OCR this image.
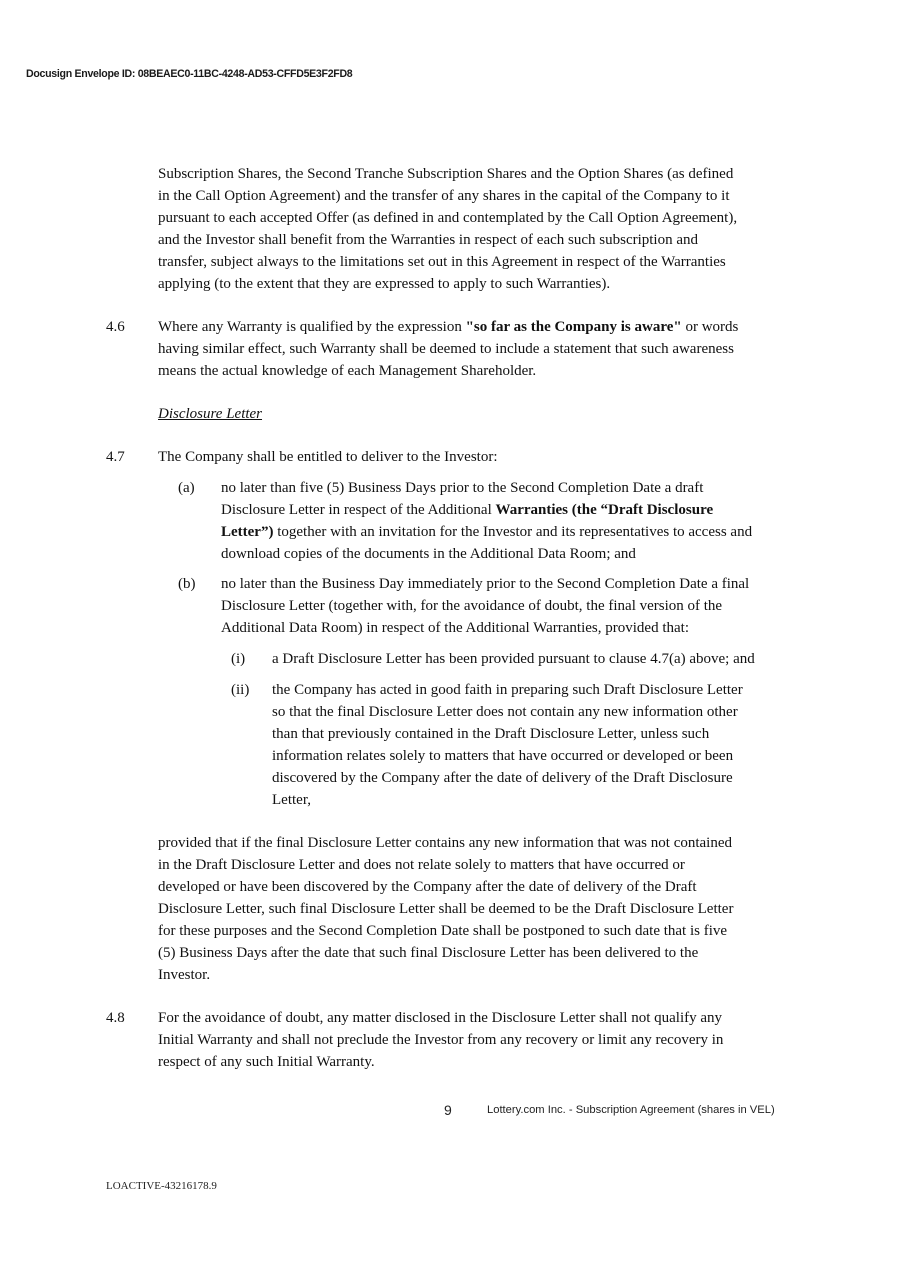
Docusign Envelope ID: 08BEAEC0-11BC-4248-AD53-CFFD5E3F2FD8

Subscription Shares, the Second Tranche Subscription Shares and the Option Shares (as defined

in the Call Option Agreement) and the transfer of any shares in the capital of the Company to it

pursuant to each accepted Offer (as defined in and contemplated by the Call Option Agreement),

and the Investor shall benefit from the Warranties in respect of each such subscription and

transfer, subject always to the limitations set out in this Agreement in respect of the Warranties

applying (to the extent that they are expressed to apply to such Warranties).

4.6 Where any Warranty is qualified by the expression "so far as the Company is aware" or words

having similar effect, such Warranty shall be deemed to include a statement that such awareness

means the actual knowledge of each Management Shareholder.

Disclosure Letter
4.7 The Company shall be entitled to deliver to the Investor:
(a) no later than five (5) Business Days prior to the Second Completion Date a draft

Disclosure Letter in respect of the Additional Warranties (the “Draft Disclosure

Letter”) together with an invitation for the Investor and its representatives to access and

download copies of the documents in the Additional Data Room; and

(b) no later than the Business Day immediately prior to the Second Completion Date a final

Disclosure Letter (together with, for the avoidance of doubt, the final version of the

Additional Data Room) in respect of the Additional Warranties, provided that:

(i) a Draft Disclosure Letter has been provided pursuant to clause 4.7(a) above; and
(ii) the Company has acted in good faith in preparing such Draft Disclosure Letter

so that the final Disclosure Letter does not contain any new information other

than that previously contained in the Draft Disclosure Letter, unless such

information relates solely to matters that have occurred or developed or been

discovered by the Company after the date of delivery of the Draft Disclosure

Letter,

provided that if the final Disclosure Letter contains any new information that was not contained

in the Draft Disclosure Letter and does not relate solely to matters that have occurred or

developed or have been discovered by the Company after the date of delivery of the Draft

Disclosure Letter, such final Disclosure Letter shall be deemed to be the Draft Disclosure Letter

for these purposes and the Second Completion Date shall be postponed to such date that is five

(5) Business Days after the date that such final Disclosure Letter has been delivered to the

Investor.

4.8 For the avoidance of doubt, any matter disclosed in the Disclosure Letter shall not qualify any

Initial Warranty and shall not preclude the Investor from any recovery or limit any recovery in

respect of any such Initial Warranty.

9	Lottery.com Inc. - Subscription Agreement (shares in VEL)
LOACTIVE-43216178.9
